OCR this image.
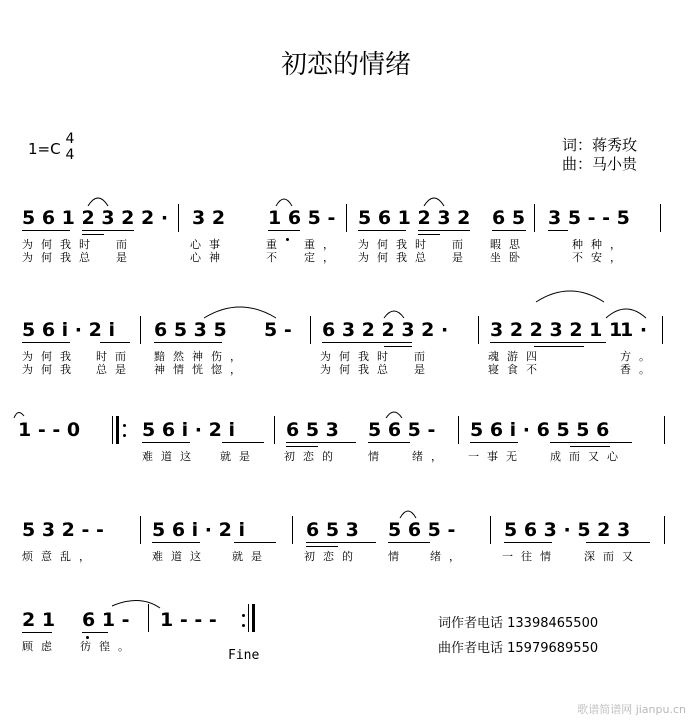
初恋的情绪
1=C
4
4
词：蒋秀玫
曲：马小贵
5 6 1 2 3 2 2 · 3 2 1 6 5 - 5 6 1 2 3 2 6 5 3 5 - - 5
为何我时 而	心事	重 重， 为何我时 而 暇思	种种，
为何我总 是	心神	不 定， 为何我总 是 坐卧	不安，
5 6 i · 2 i 6 5 3 5 5 - 6 3 2 2 3 2 · 3 2 2 3 2 1 1
1 ·
为何我 时而 黯然神伤，	为何我时 而	魂游四	方。
为何我 总是 神情恍惚，	为何我总 是	寝食不	香。
1 - - 0	5 6 i · 2 i	6 5 3 5 6 5 - 5 6 i · 6 5 5 6
难道这 就是 初恋的 情 绪， 一事无 成而又心
5 3 2 - -	5 6 i · 2 i	6 5 3 5 6 5 -	5 6 3 · 5 2 3
烦意乱，	难道这 就是	初恋的 情 绪，	一往情 深而又
2 1 6 1 - 1 - - -
顾虑 彷徨。
Fine
词作者电话 13398465500
曲作者电话 15979689550
歌谱简谱网 jianpu.cn
